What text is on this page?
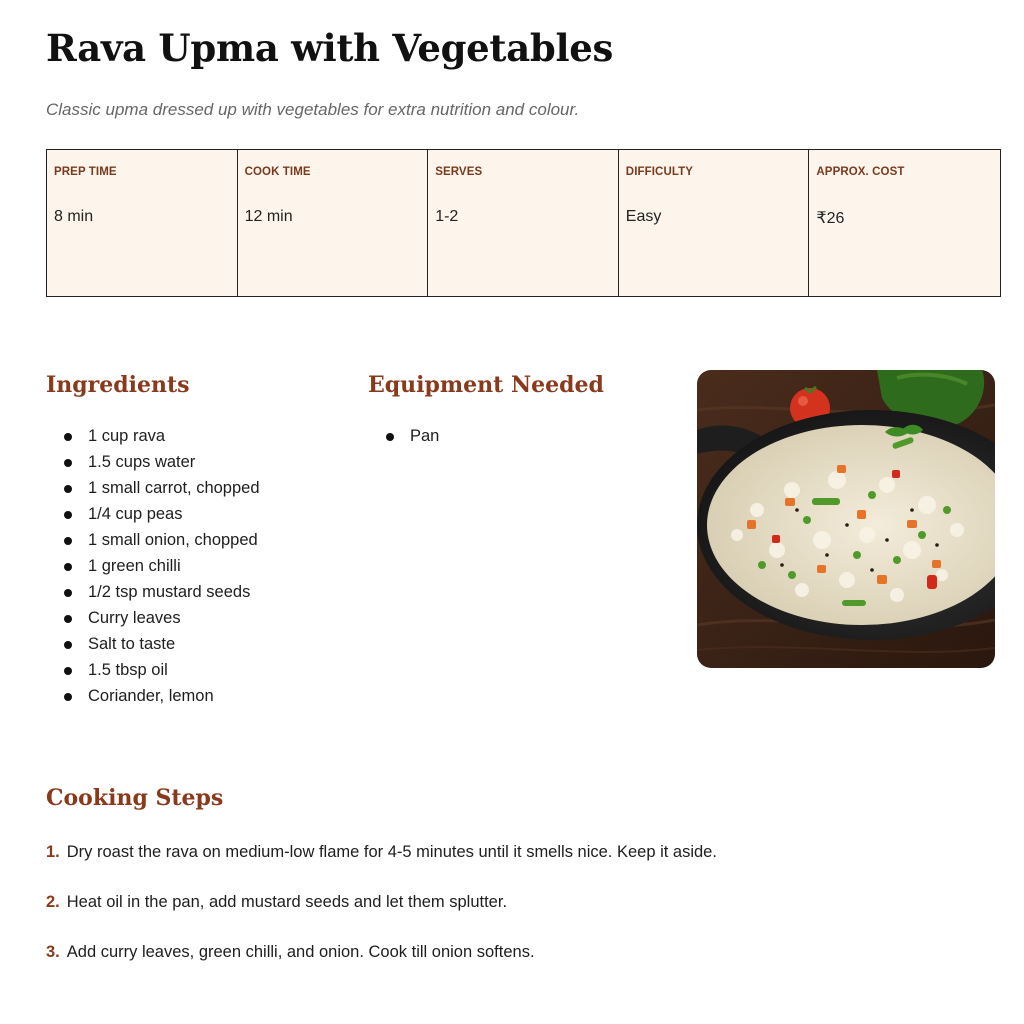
Rava Upma with Vegetables

Classic upma dressed up with vegetables for extra nutrition and colour.

PREP TIME
8 min
COOK TIME
12 min
SERVES
1-2
DIFFICULTY
Easy
APPROX. COST
₹26
Ingredients
1 cup rava
1.5 cups water
1 small carrot, chopped
1/4 cup peas
1 small onion, chopped
1 green chilli
1/2 tsp mustard seeds
Curry leaves
Salt to taste
1.5 tbsp oil
Coriander, lemon
Equipment Needed
Pan
Cooking Steps
1. Dry roast the rava on medium-low flame for 4-5 minutes until it smells nice. Keep it aside.
2. Heat oil in the pan, add mustard seeds and let them splutter.
3. Add curry leaves, green chilli, and onion. Cook till onion softens.
